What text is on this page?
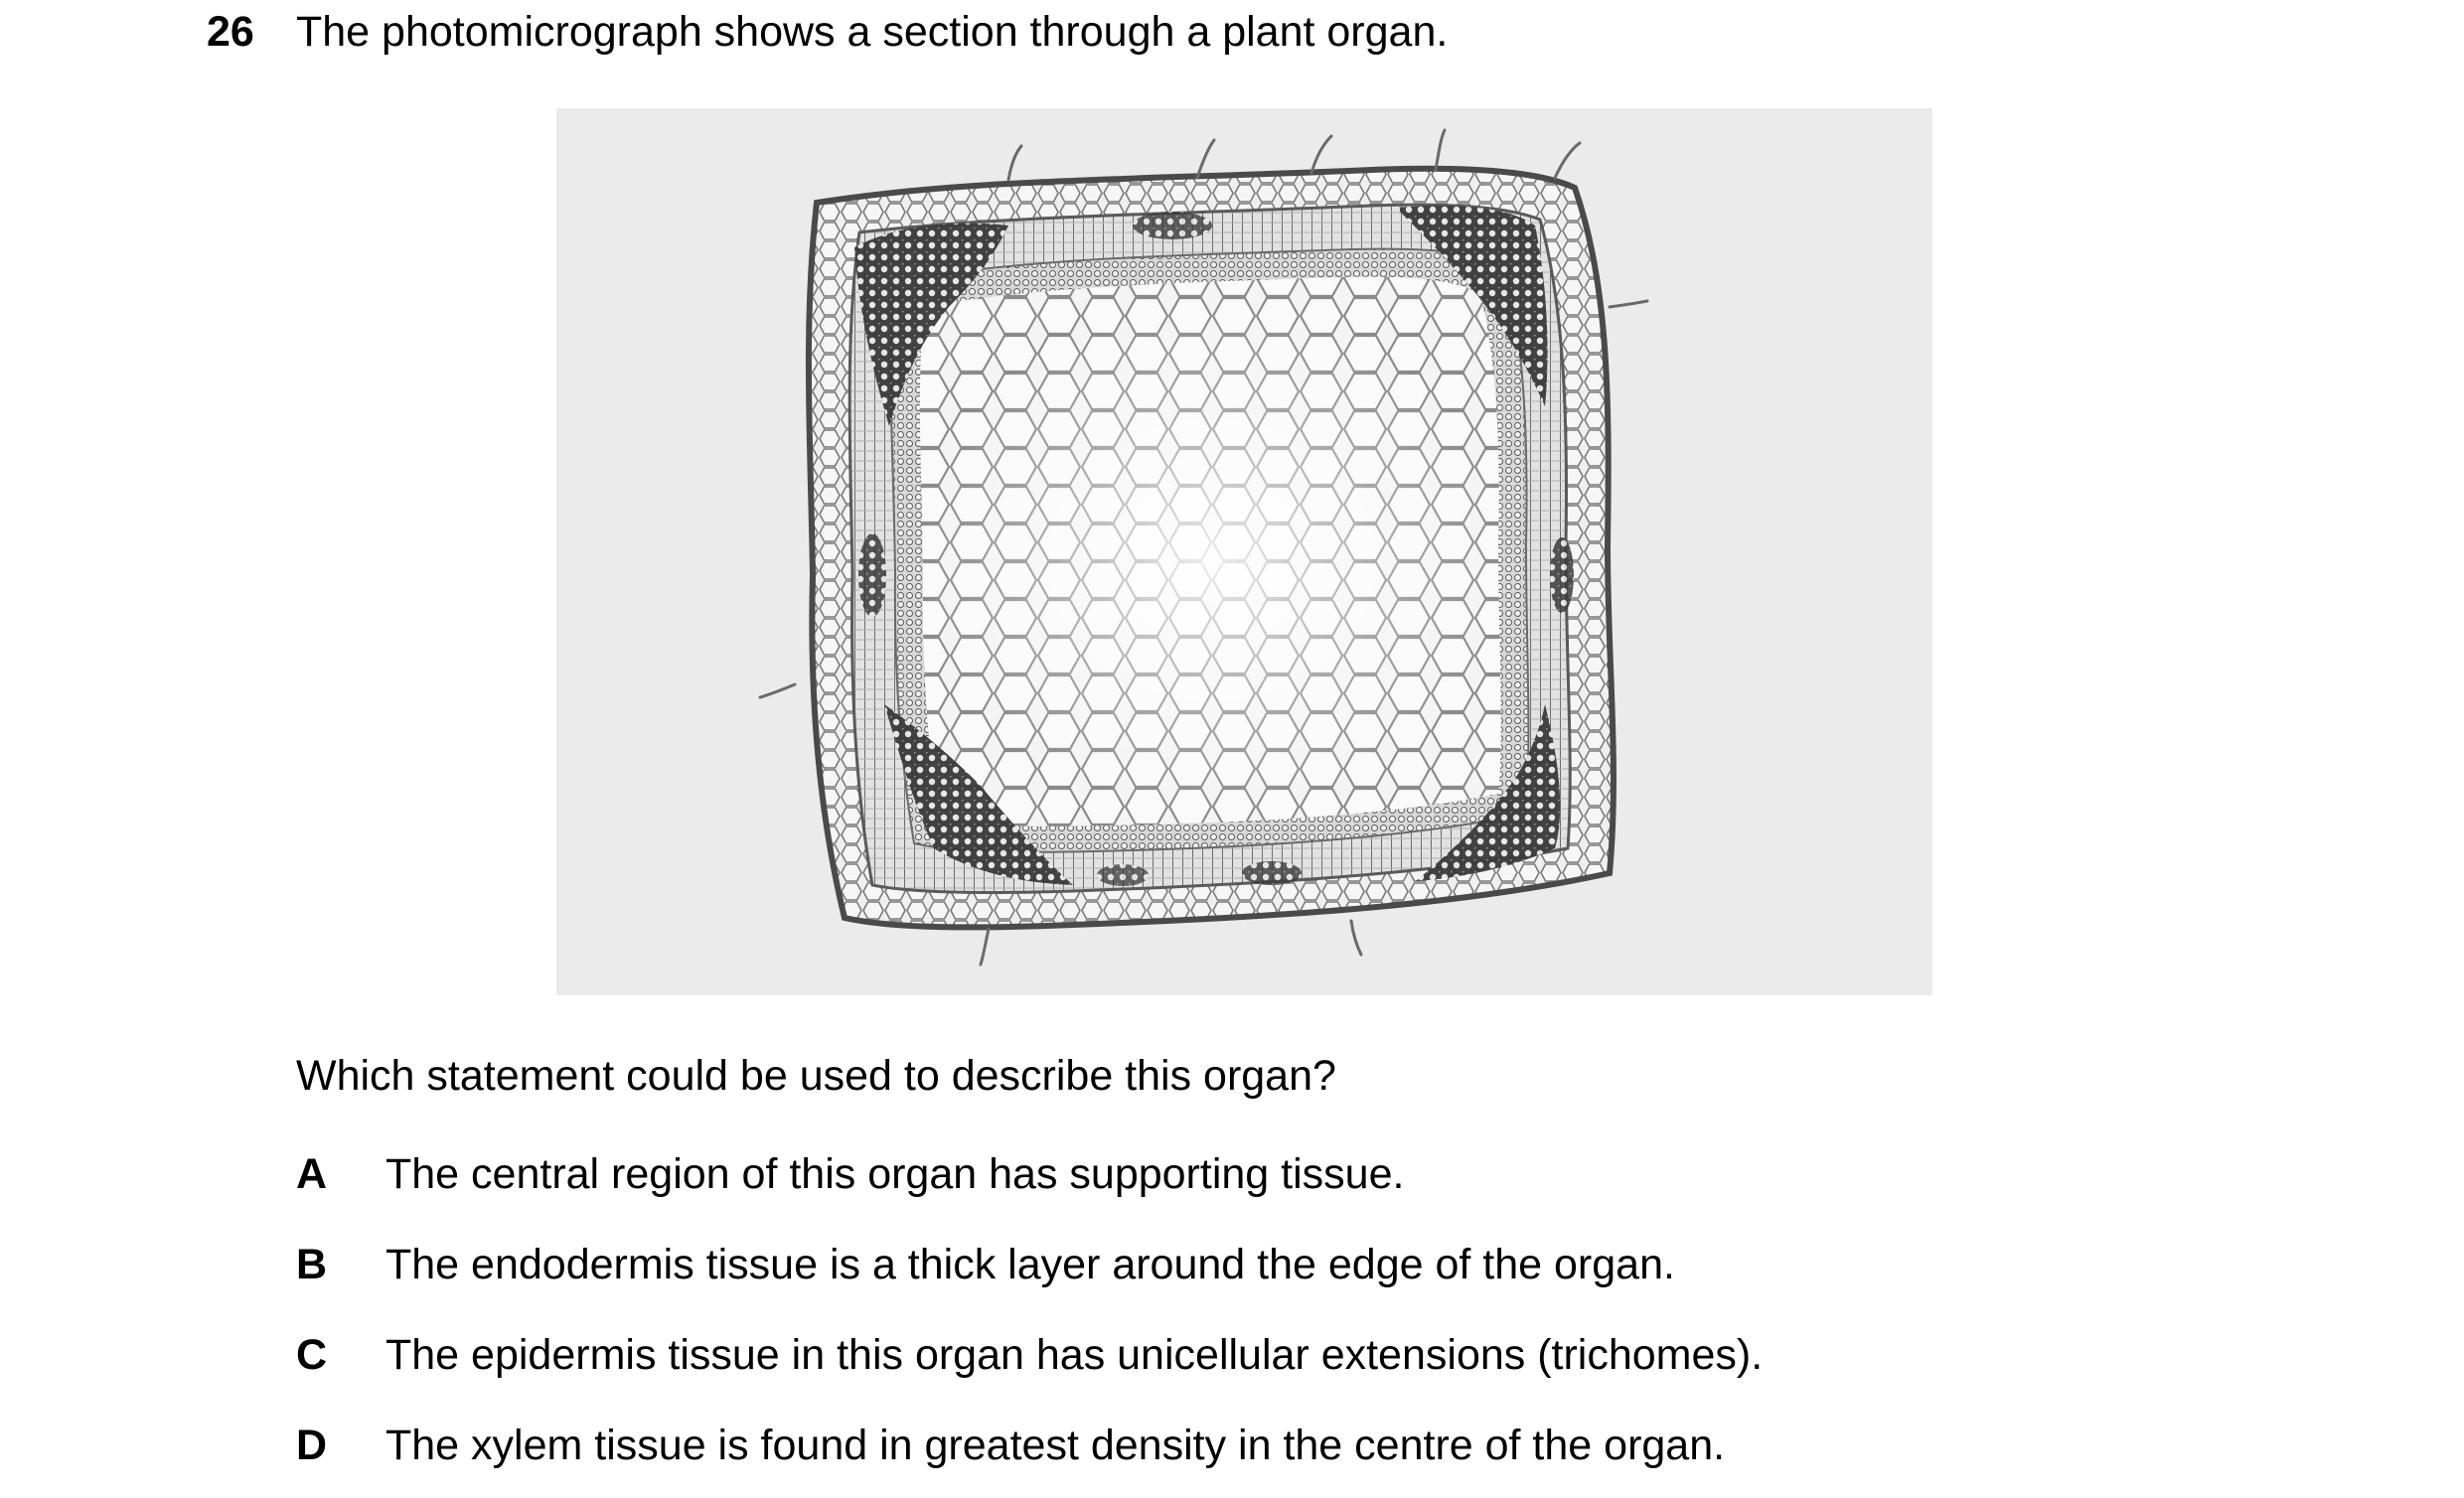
26 The photomicrograph shows a section through a plant organ.
Which statement could be used to describe this organ?
A The central region of this organ has supporting tissue.
B The endodermis tissue is a thick layer around the edge of the organ.
C The epidermis tissue in this organ has unicellular extensions (trichomes).
D The xylem tissue is found in greatest density in the centre of the organ.
